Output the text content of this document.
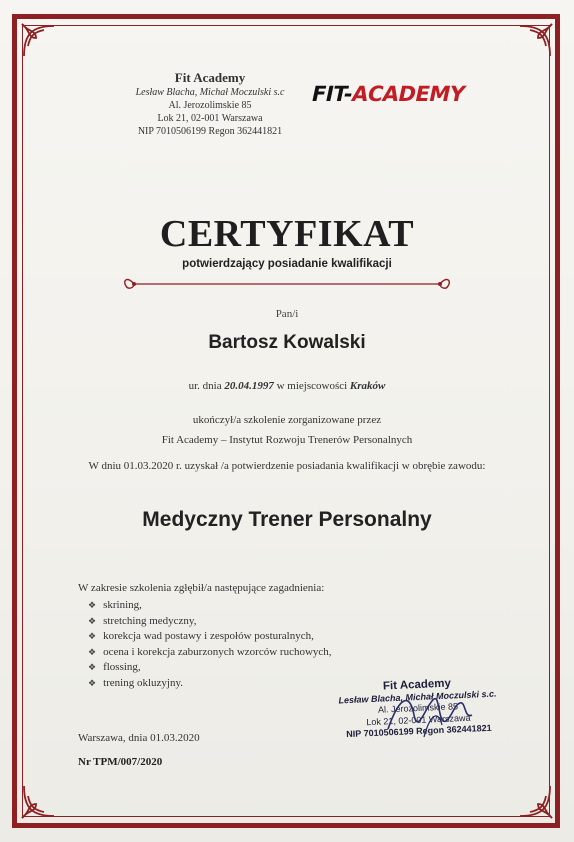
Fit Academy
Lesław Blacha, Michał Moczulski s.c
Al. Jerozolimskie 85
Lok 21, 02-001 Warszawa
NIP 7010506199 Regon 362441821
FIT-ACADEMY
CERTYFIKAT
potwierdzający posiadanie kwalifikacji
Pan/i
Bartosz Kowalski
ur. dnia 20.04.1997 w miejscowości Kraków
ukończył/a szkolenie zorganizowane przez
Fit Academy – Instytut Rozwoju Trenerów Personalnych
W dniu 01.03.2020 r. uzyskał /a potwierdzenie posiadania kwalifikacji w obrębie zawodu:
Medyczny Trener Personalny
W zakresie szkolenia zgłębił/a następujące zagadnienia:
❖ skrining,
❖ stretching medyczny,
❖ korekcja wad postawy i zespołów posturalnych,
❖ ocena i korekcja zaburzonych wzorców ruchowych,
❖ flossing,
❖ trening okluzyjny.	Fit Academy
Lesław Blacha, Michał Moczulski s.c.
Al. Jerozolimskie 85
Lok 21, 02-001 Warszawa
NIP 7010506199 Regon 362441821
Warszawa, dnia 01.03.2020
Nr TPM/007/2020
